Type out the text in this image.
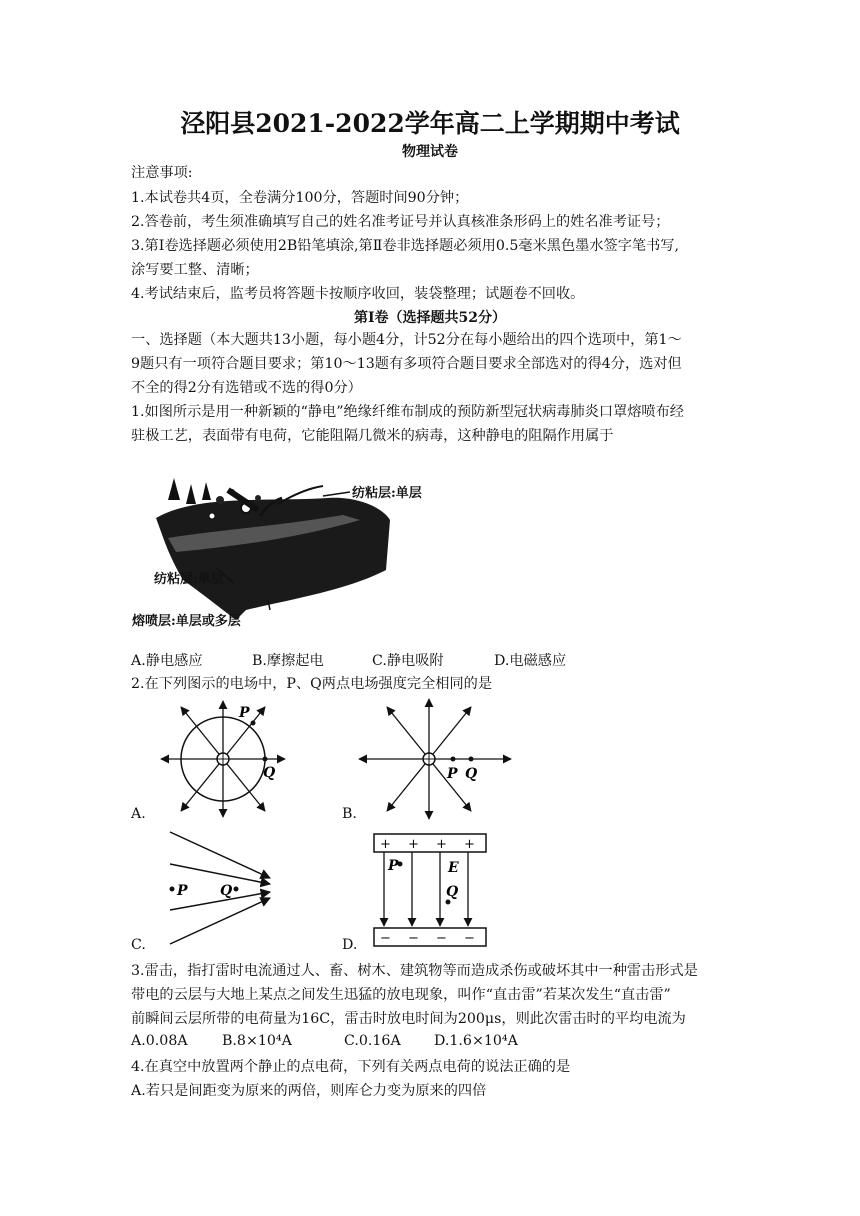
泾阳县2021-2022学年高二上学期期中考试
物理试卷
注意事项:
1.本试卷共4页，全卷满分100分，答题时间90分钟；
2.答卷前，考生须准确填写自己的姓名准考证号并认真核准条形码上的姓名准考证号；
3.第I卷选择题必须使用2B铅笔填涂,第Ⅱ卷非选择题必须用0.5毫米黑色墨水签字笔书写,
涂写要工整、清晰；
4.考试结束后，监考员将答题卡按顺序收回，装袋整理；试题卷不回收。
第I卷（选择题共52分）
一、选择题（本大题共13小题，每小题4分，计52分在每小题给出的四个选项中，第1～
9题只有一项符合题目要求；第10～13题有多项符合题目要求全部选对的得4分，选对但
不全的得2分有选错或不选的得0分）
1.如图所示是用一种新颖的“静电”绝缘纤维布制成的预防新型冠状病毒肺炎口罩熔喷布经
驻极工艺，表面带有电荷，它能阻隔几微米的病毒，这种静电的阻隔作用属于
纺粘层:单层
纺粘层:单层
熔喷层:单层或多层
A.静电感应	B.摩擦起电	C.静电吸附	D.电磁感应
2.在下列图示的电场中，P、Q两点电场强度完全相同的是
P
Q
A.
P Q
B.
P Q
C.
+ + + +
− − − −
P
Q
E
D.
3.雷击，指打雷时电流通过人、畜、树木、建筑物等而造成杀伤或破坏其中一种雷击形式是
带电的云层与大地上某点之间发生迅猛的放电现象，叫作“直击雷”若某次发生“直击雷”
前瞬间云层所带的电荷量为16C，雷击时放电时间为200μs，则此次雷击时的平均电流为
A.0.08A B.8×10⁴A	C.0.16A D.1.6×10⁴A
4.在真空中放置两个静止的点电荷，下列有关两点电荷的说法正确的是
A.若只是间距变为原来的两倍，则库仑力变为原来的四倍
